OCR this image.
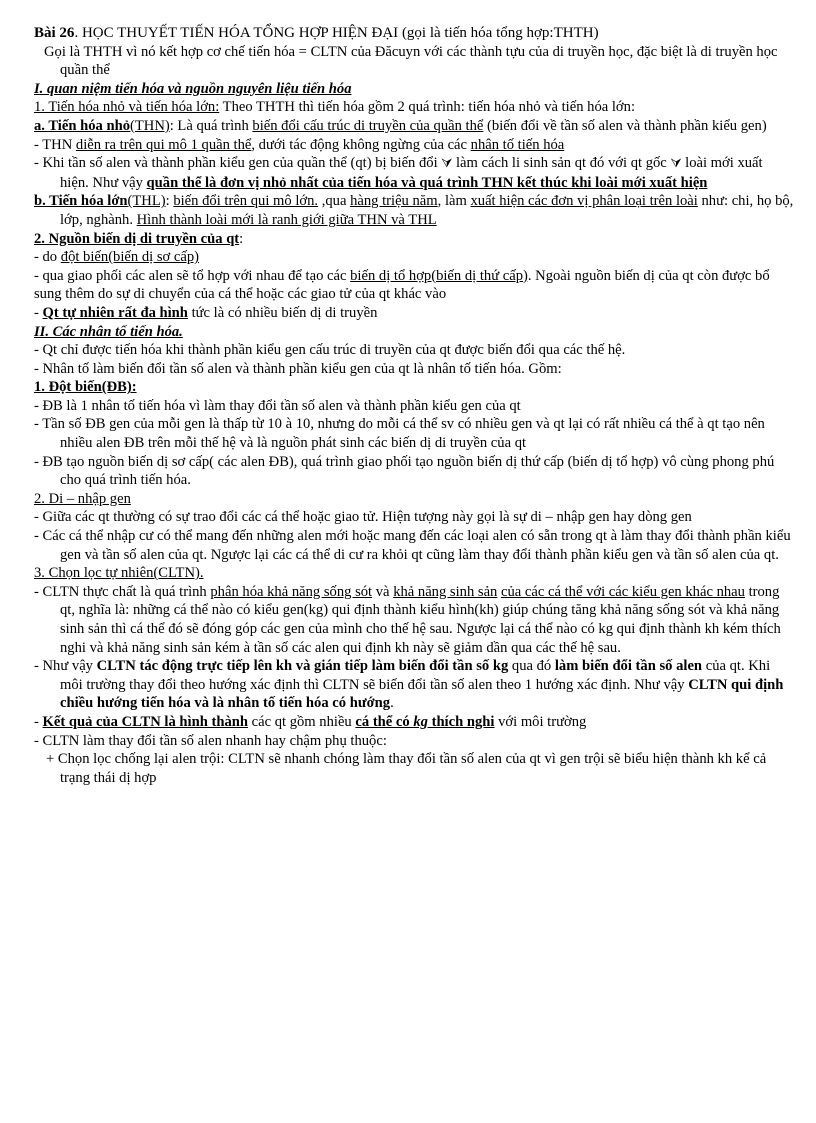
Bài 26. HỌC THUYẾT TIẾN HÓA TỔNG HỢP HIỆN ĐẠI (gọi là tiến hóa tổng hợp:THTH)

Gọi là THTH vì nó kết hợp cơ chế tiến hóa = CLTN của Đăcuyn với các thành tựu của di truyền học, đặc biệt là di truyền học quần thể

I. quan niệm tiến hóa và nguồn nguyên liệu tiến hóa

1. Tiến hóa nhỏ và tiến hóa lớn: Theo THTH thì tiến hóa gồm 2 quá trình: tiến hóa nhỏ và tiến hóa lớn:

a. Tiến hóa nhỏ(THN): Là quá trình biến đổi cấu trúc di truyền của quần thể (biến đổi về tần số alen và thành phần kiểu gen)

- THN diễn ra trên qui mô 1 quần thể, dưới tác động không ngừng của các nhân tố tiến hóa

- Khi tần số alen và thành phần kiểu gen của quần thể (qt) bị biến đổi ⮛ làm cách li sinh sản qt đó với qt gốc ⮛ loài mới xuất hiện. Như vậy quần thể là đơn vị nhỏ nhất của tiến hóa và quá trình THN kết thúc khi loài mới xuất hiện

b. Tiến hóa lớn(THL): biến đổi trên qui mô lớn. ,qua hàng triệu năm, làm xuất hiện các đơn vị phân loại trên loài như: chi, họ bộ, lớp, nghành. Hình thành loài mới là ranh giới giữa THN và THL

2. Nguồn biến dị di truyền của qt:

- do đột biến(biến dị sơ cấp)

- qua giao phối các alen sẽ tổ hợp với nhau để tạo các biến dị tổ hợp(biến dị thứ cấp). Ngoài nguồn biến dị của qt còn được bổ sung thêm do sự di chuyển của cá thể hoặc các giao tử của qt khác vào

- Qt tự nhiên rất đa hình tức là có nhiều biến dị di truyền

II. Các nhân tố tiến hóa.

- Qt chỉ được tiến hóa khi thành phần kiểu gen cấu trúc di truyền của qt được biến đổi qua các thế hệ.

- Nhân tố làm biến đổi tần số alen và thành phần kiểu gen của qt là nhân tố tiến hóa. Gồm:

1. Đột biến(ĐB):

- ĐB là 1 nhân tố tiến hóa vì làm thay đổi tần số alen và thành phần kiểu gen của qt

- Tần số ĐB gen của mỗi gen là thấp từ 10 à 10, nhưng do mỗi cá thể sv có nhiều gen và qt lại có rất nhiều cá thể à qt tạo nên nhiều alen ĐB trên mỗi thế hệ và là nguồn phát sinh các biến dị di truyền của qt

- ĐB tạo nguồn biến dị sơ cấp( các alen ĐB), quá trình giao phối tạo nguồn biến dị thứ cấp (biến dị tổ hợp) vô cùng phong phú cho quá trình tiến hóa.

2. Di – nhập gen

- Giữa các qt thường có sự trao đổi các cá thể hoặc giao tử. Hiện tượng này gọi là sự di – nhập gen hay dòng gen

- Các cá thể nhập cư có thể mang đến những alen mới hoặc mang đến các loại alen có sẵn trong qt à làm thay đổi thành phần kiểu gen và tần số alen của qt. Ngược lại các cá thể di cư ra khỏi qt cũng làm thay đổi thành phần kiểu gen và tần số alen của qt.

3. Chọn lọc tự nhiên(CLTN).

- CLTN thực chất là quá trình phân hóa khả năng sống sót và khả năng sinh sản của các cá thể với các kiểu gen khác nhau trong qt, nghĩa là: những cá thể nào có kiểu gen(kg) qui định thành kiểu hình(kh) giúp chúng tăng khả năng sống sót và khả năng sinh sản thì cá thể đó sẽ đóng góp các gen của mình cho thế hệ sau. Ngược lại cá thể nào có kg qui định thành kh kém thích nghi và khả năng sinh sản kém à tần số các alen qui định kh này sẽ giảm dần qua các thế hệ sau.

- Như vậy CLTN tác động trực tiếp lên kh và gián tiếp làm biến đổi tần số kg qua đó làm biến đổi tần số alen của qt. Khi môi trường thay đổi theo hướng xác định thì CLTN sẽ biến đổi tần số alen theo 1 hướng xác định. Như vậy CLTN qui định chiều hướng tiến hóa và là nhân tố tiến hóa có hướng.

- Kết quả của CLTN là hình thành các qt gồm nhiều cá thể có kg thích nghi với môi trường

- CLTN làm thay đổi tần số alen nhanh hay chậm phụ thuộc:

+ Chọn lọc chống lại alen trội: CLTN sẽ nhanh chóng làm thay đổi tần số alen của qt vì gen trội sẽ biểu hiện thành kh kể cả trạng thái dị hợp
